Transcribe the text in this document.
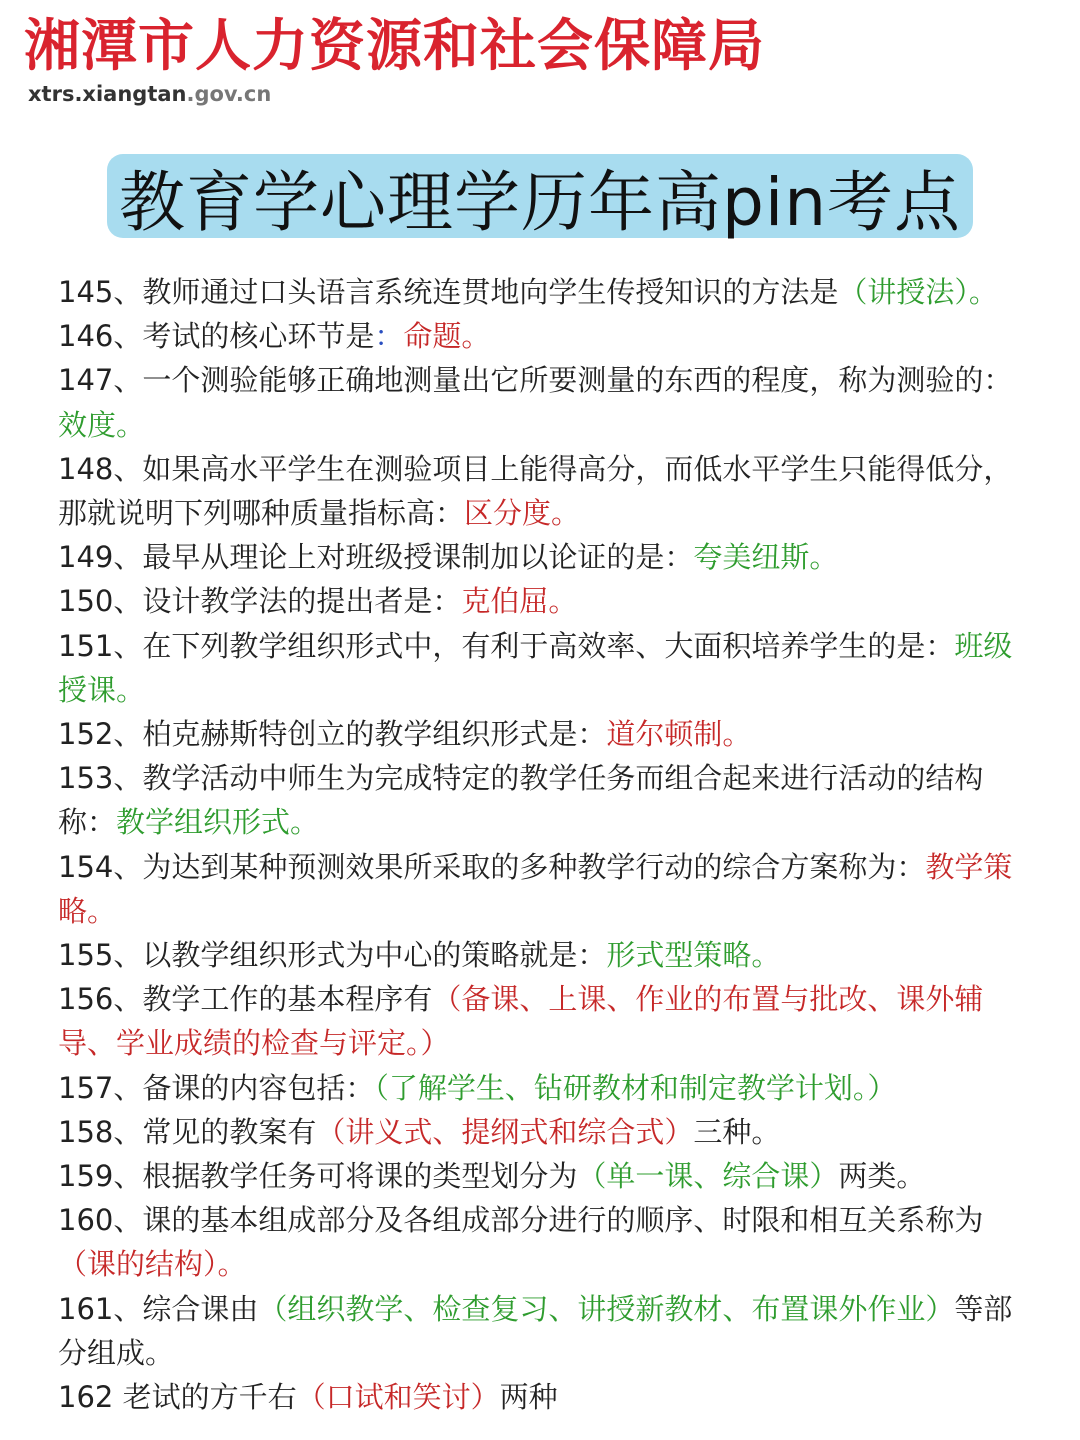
湘潭市人力资源和社会保障局
xtrs.xiangtan.gov.cn
教育学心理学历年高pin考点

145、教师通过口头语言系统连贯地向学生传授知识的方法是（讲授法）。

146、考试的核心环节是：命题。

147、一个测验能够正确地测量出它所要测量的东西的程度，称为测验的：效度。

148、如果高水平学生在测验项目上能得高分，而低水平学生只能得低分，那就说明下列哪种质量指标高：区分度。

149、最早从理论上对班级授课制加以论证的是：夸美纽斯。

150、设计教学法的提出者是：克伯屈。

151、在下列教学组织形式中，有利于高效率、大面积培养学生的是：班级授课。

152、柏克赫斯特创立的教学组织形式是：道尔顿制。

153、教学活动中师生为完成特定的教学任务而组合起来进行活动的结构称：教学组织形式。

154、为达到某种预测效果所采取的多种教学行动的综合方案称为：教学策略。

155、以教学组织形式为中心的策略就是：形式型策略。

156、教学工作的基本程序有（备课、上课、作业的布置与批改、课外辅导、学业成绩的检查与评定。）

157、备课的内容包括：（了解学生、钻研教材和制定教学计划。）

158、常见的教案有（讲义式、提纲式和综合式）三种。

159、根据教学任务可将课的类型划分为（单一课、综合课）两类。

160、课的基本组成部分及各组成部分进行的顺序、时限和相互关系称为（课的结构）。

161、综合课由（组织教学、检查复习、讲授新教材、布置课外作业）等部分组成。

162 老试的方千右（口试和笑讨）两种
